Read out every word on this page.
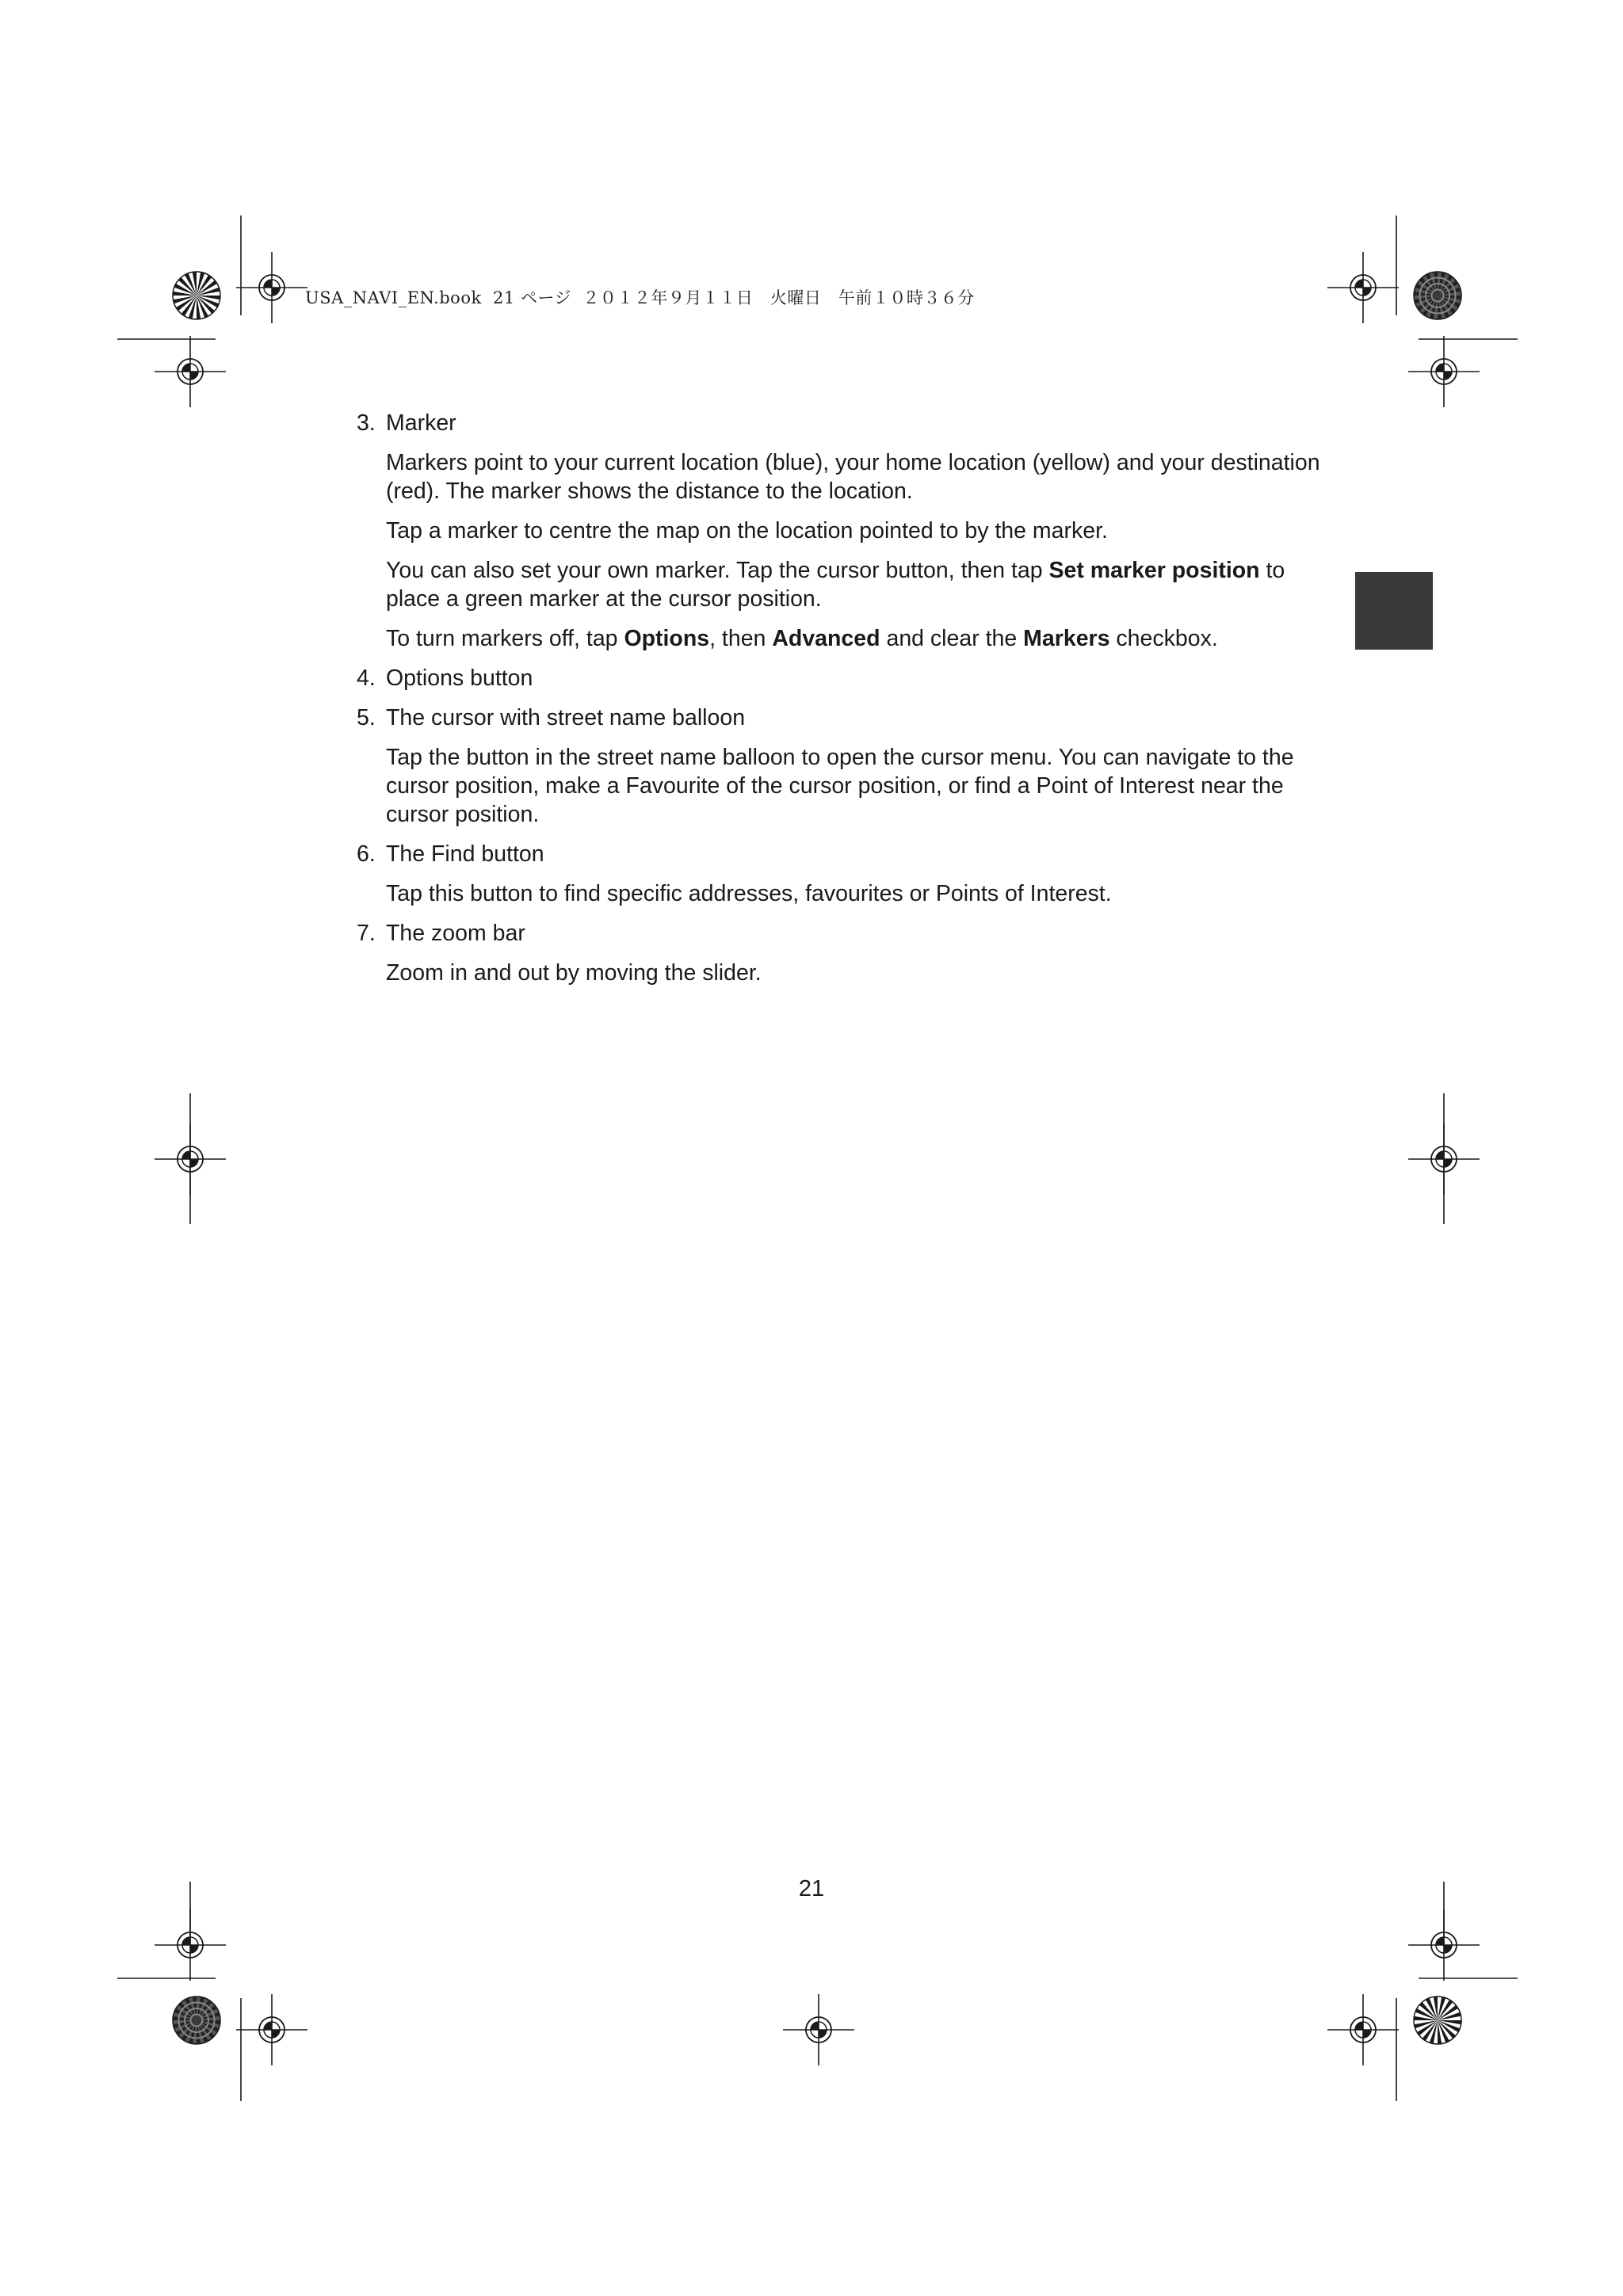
USA_NAVI_EN.book  21 ページ  ２０１２年９月１１日　火曜日　午前１０時３６分
3. Marker

Markers point to your current location (blue), your home location (yellow) and your destination (red). The marker shows the distance to the location.

Tap a marker to centre the map on the location pointed to by the marker.

You can also set your own marker. Tap the cursor button, then tap Set marker position to place a green marker at the cursor position.

To turn markers off, tap Options, then Advanced and clear the Markers checkbox.

4. Options button
5. The cursor with street name balloon

Tap the button in the street name balloon to open the cursor menu. You can navigate to the cursor position, make a Favourite of the cursor position, or find a Point of Interest near the cursor position.

6. The Find button

Tap this button to find specific addresses, favourites or Points of Interest.

7. The zoom bar

Zoom in and out by moving the slider.

21
